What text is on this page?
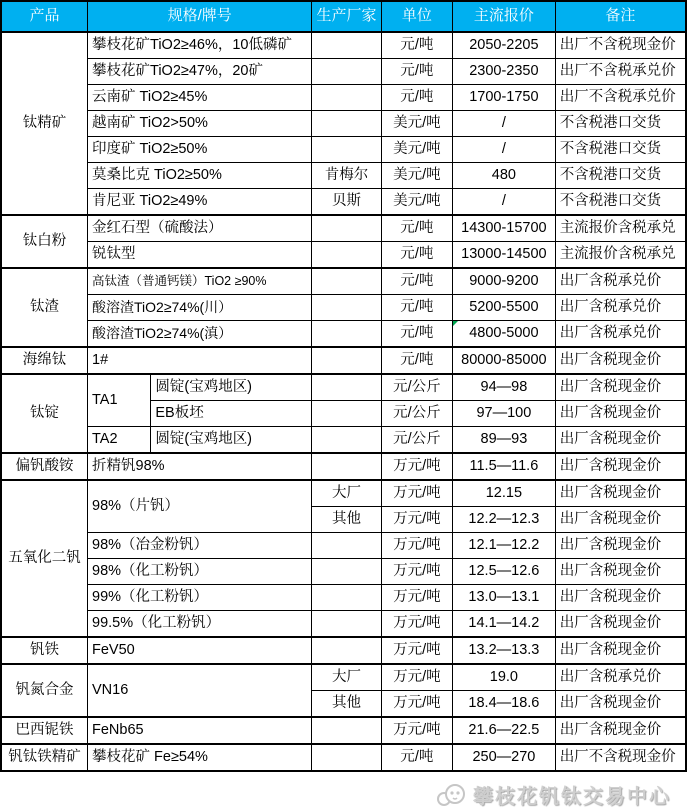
产品	规格/牌号		生产厂家	单位	主流报价	备注
钛精矿	攀枝花矿TiO2≥46%，10低磷矿			元/吨	2050-2205	出厂不含税现金价
	攀枝花矿TiO2≥47%，20矿			元/吨	2300-2350	出厂不含税承兑价
	云南矿 TiO2≥45%			元/吨	1700-1750	出厂不含税承兑价
	越南矿 TiO2>50%			美元/吨	/	不含税港口交货
	印度矿 TiO2≥50%			美元/吨	/	不含税港口交货
	莫桑比克 TiO2≥50%		肯梅尔	美元/吨	480	不含税港口交货
	肯尼亚 TiO2≥49%		贝斯	美元/吨	/	不含税港口交货
钛白粉	金红石型（硫酸法）			元/吨	14300-15700	主流报价含税承兑
	锐钛型			元/吨	13000-14500	主流报价含税承兑
钛渣	高钛渣（普通钙镁）TiO2 ≥90%			元/吨	9000-9200	出厂含税承兑价
	酸溶渣TiO2≥74%(川）			元/吨	5200-5500	出厂含税承兑价
	酸溶渣TiO2≥74%(滇）			元/吨	4800-5000	出厂含税承兑价
海绵钛	1#			元/吨	80000-85000	出厂含税现金价
钛锭	TA1	圆锭(宝鸡地区)		元/公斤	94—98	出厂含税现金价
		EB板坯		元/公斤	97—100	出厂含税现金价
	TA2	圆锭(宝鸡地区)		元/公斤	89—93	出厂含税现金价
偏钒酸铵	折精钒98%			万元/吨	11.5—11.6	出厂含税现金价
五氧化二钒	98%（片钒）		大厂	万元/吨	12.15	出厂含税现金价
			其他	万元/吨	12.2—12.3	出厂含税现金价
	98%（冶金粉钒）			万元/吨	12.1—12.2	出厂含税现金价
	98%（化工粉钒）			万元/吨	12.5—12.6	出厂含税现金价
	99%（化工粉钒）			万元/吨	13.0—13.1	出厂含税现金价
	99.5%（化工粉钒）			万元/吨	14.1—14.2	出厂含税现金价
钒铁	FeV50			万元/吨	13.2—13.3	出厂含税现金价
钒氮合金	VN16		大厂	万元/吨	19.0	出厂含税承兑价
			其他	万元/吨	18.4—18.6	出厂含税现金价
巴西铌铁	FeNb65			万元/吨	21.6—22.5	出厂含税现金价
钒钛铁精矿	攀枝花矿 Fe≥54%			元/吨	250—270	出厂不含税现金价
攀枝花钒钛交易中心
